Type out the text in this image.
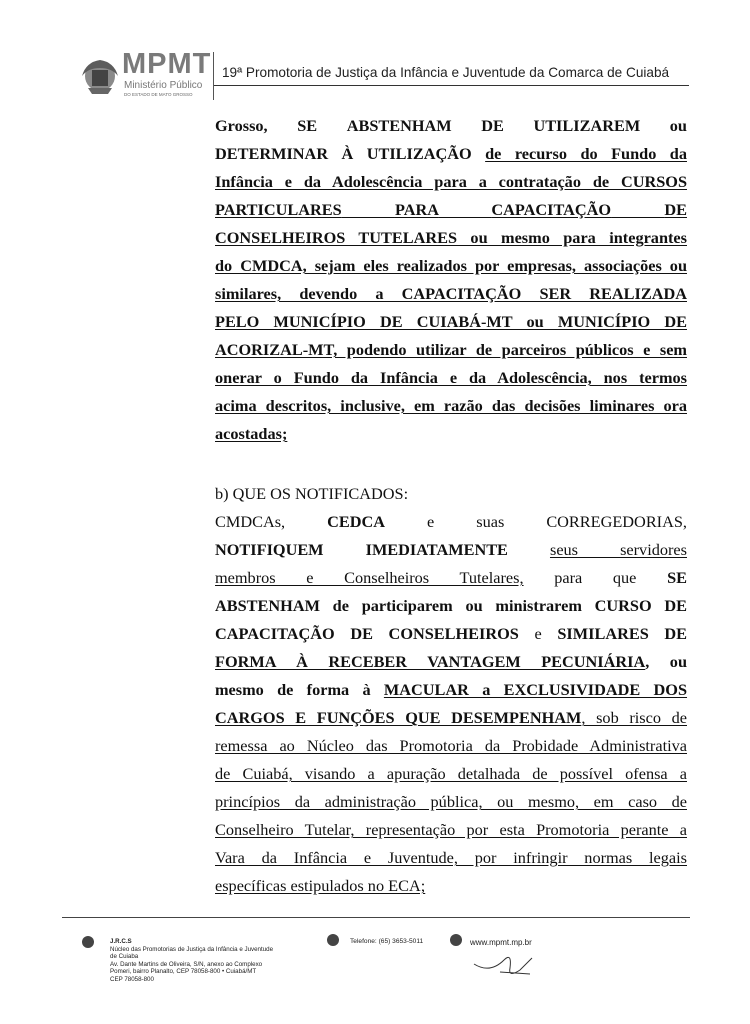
MPMT
Ministério Público
DO ESTADO DE MATO GROSSO
19ª Promotoria de Justiça da Infância e Juventude da Comarca de Cuiabá
Grosso, SE ABSTENHAM DE UTILIZAREM ou
DETERMINAR À UTILIZAÇÃO de recurso do Fundo da
Infância e da Adolescência para a contratação de CURSOS
PARTICULARES	PARA	CAPACITAÇÃO	DE
CONSELHEIROS TUTELARES ou mesmo para integrantes
do CMDCA, sejam eles realizados por empresas, associações ou
similares, devendo a CAPACITAÇÃO SER REALIZADA
PELO MUNICÍPIO DE CUIABÁ-MT ou MUNICÍPIO DE
ACORIZAL-MT, podendo utilizar de parceiros públicos e sem
onerar o Fundo da Infância e da Adolescência, nos termos
acima descritos, inclusive, em razão das decisões liminares ora
acostadas;
b) QUE OS NOTIFICADOS:
CMDCAs,	CEDCA	e	suas	CORREGEDORIAS,
NOTIFIQUEM IMEDIATAMENTE	seus servidores
membros e Conselheiros Tutelares, para que SE
ABSTENHAM de participarem ou ministrarem CURSO DE
CAPACITAÇÃO DE CONSELHEIROS e SIMILARES DE
FORMA À RECEBER VANTAGEM PECUNIÁRIA, ou
mesmo de forma à MACULAR a EXCLUSIVIDADE DOS
CARGOS E FUNÇÕES QUE DESEMPENHAM, sob risco de
remessa ao Núcleo das Promotoria da Probidade Administrativa
de Cuiabá, visando a apuração detalhada de possível ofensa a
princípios da administração pública, ou mesmo, em caso de
Conselheiro Tutelar, representação por esta Promotoria perante a
Vara da Infância e Juventude, por infringir normas legais
específicas estipulados no ECA;
J.R.C.S
Núcleo das Promotorias de Justiça da Infância e Juventude
de Cuiaba
Av. Dante Martins de Oliveira, S/N, anexo ao Complexo
Pomeri, bairro Planalto, CEP 78058-800 • Cuiabá/MT
CEP 78058-800
Telefone: (65) 3653-5011	www.mpmt.mp.br
